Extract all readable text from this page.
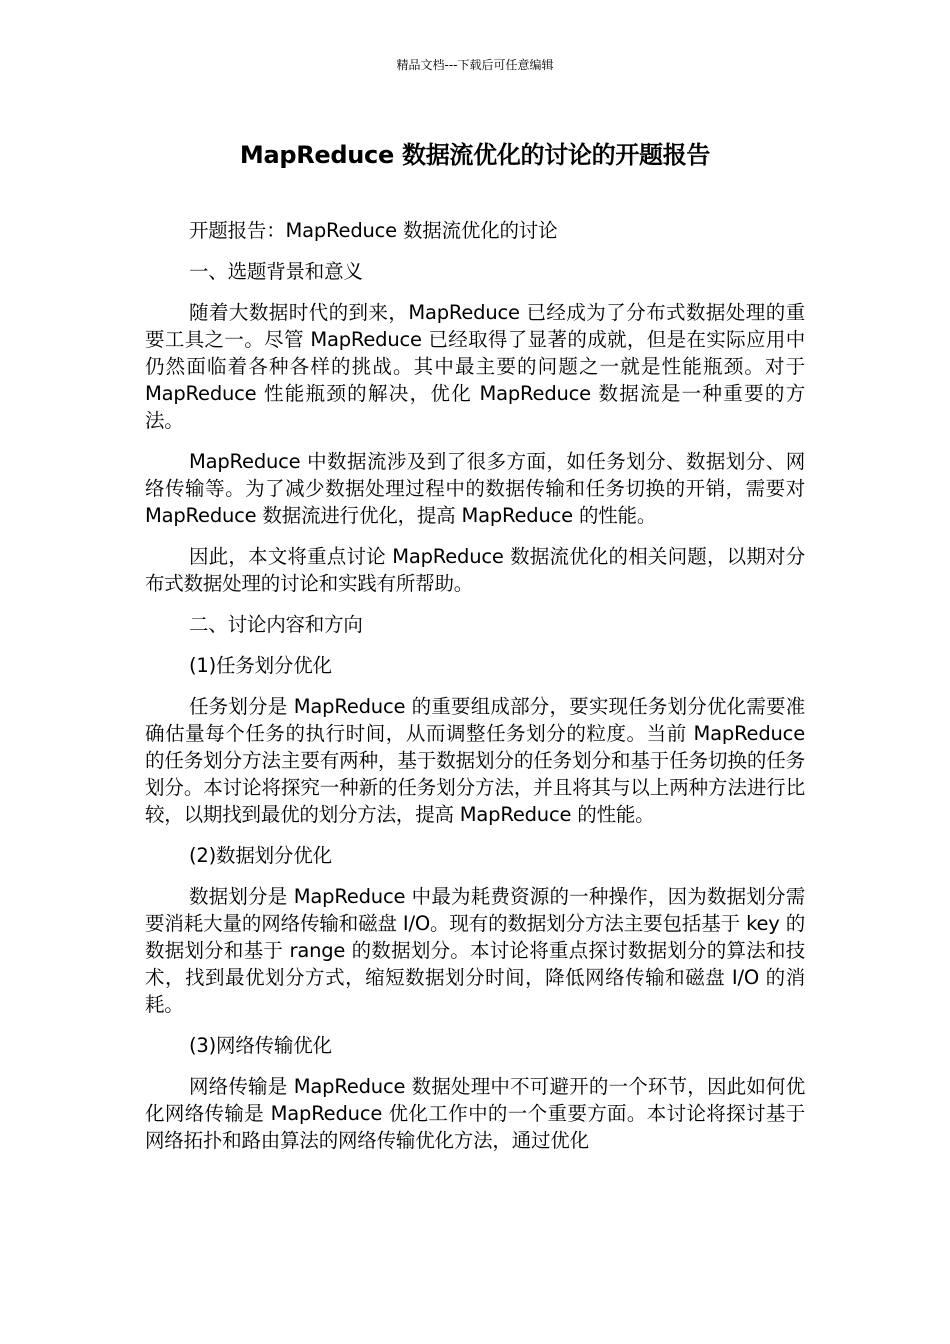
精品文档---下载后可任意编辑
MapReduce 数据流优化的讨论的开题报告

开题报告：MapReduce 数据流优化的讨论

一、选题背景和意义

随着大数据时代的到来，MapReduce 已经成为了分布式数据处理的重要工具之一。尽管 MapReduce 已经取得了显著的成就，但是在实际应用中仍然面临着各种各样的挑战。其中最主要的问题之一就是性能瓶颈。对于 MapReduce 性能瓶颈的解决，优化 MapReduce 数据流是一种重要的方法。

MapReduce 中数据流涉及到了很多方面，如任务划分、数据划分、网络传输等。为了减少数据处理过程中的数据传输和任务切换的开销，需要对 MapReduce 数据流进行优化，提高 MapReduce 的性能。

因此，本文将重点讨论 MapReduce 数据流优化的相关问题，以期对分布式数据处理的讨论和实践有所帮助。

二、讨论内容和方向

(1)任务划分优化

任务划分是 MapReduce 的重要组成部分，要实现任务划分优化需要准确估量每个任务的执行时间，从而调整任务划分的粒度。当前 MapReduce 的任务划分方法主要有两种，基于数据划分的任务划分和基于任务切换的任务划分。本讨论将探究一种新的任务划分方法，并且将其与以上两种方法进行比较，以期找到最优的划分方法，提高 MapReduce 的性能。

(2)数据划分优化

数据划分是 MapReduce 中最为耗费资源的一种操作，因为数据划分需要消耗大量的网络传输和磁盘 I/O。现有的数据划分方法主要包括基于 key 的数据划分和基于 range 的数据划分。本讨论将重点探讨数据划分的算法和技术，找到最优划分方式，缩短数据划分时间，降低网络传输和磁盘 I/O 的消耗。

(3)网络传输优化

网络传输是 MapReduce 数据处理中不可避开的一个环节，因此如何优化网络传输是 MapReduce 优化工作中的一个重要方面。本讨论将探讨基于网络拓扑和路由算法的网络传输优化方法，通过优化
